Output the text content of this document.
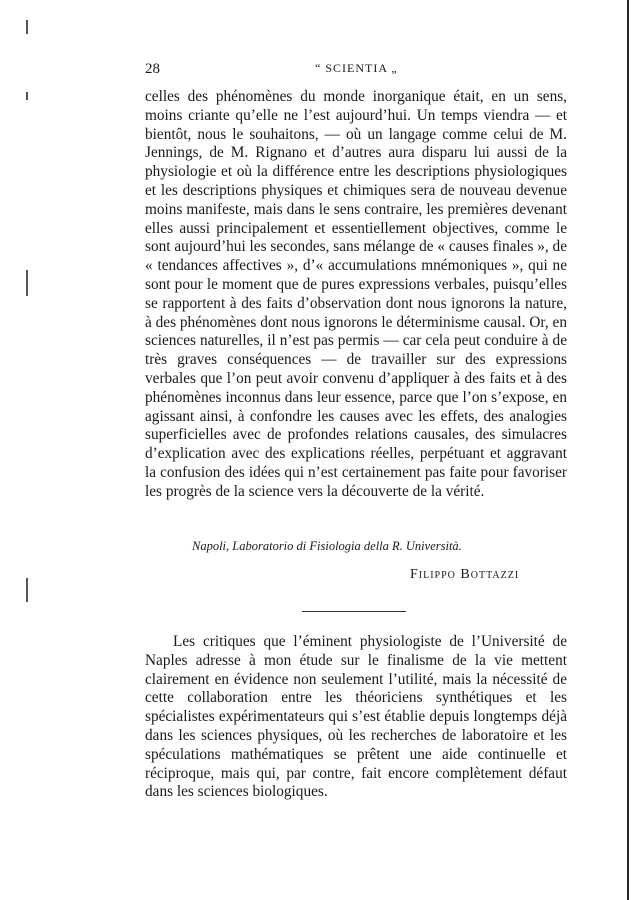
28	“ SCIENTIA „

celles des phénomènes du monde inorganique était, en un sens, moins criante qu’elle ne l’est aujourd’hui. Un temps viendra — et bientôt, nous le souhaitons, — où un langage comme celui de M. Jennings, de M. Rignano et d’autres aura disparu lui aussi de la physiologie et où la différence entre les descriptions physiologiques et les descriptions physiques et chimiques sera de nouveau devenue moins manifeste, mais dans le sens contraire, les premières devenant elles aussi principalement et essentiellement objectives, comme le sont aujourd’hui les secondes, sans mélange de « causes finales », de « tendances affectives », d’« accumulations mnémoniques », qui ne sont pour le moment que de pures expressions verbales, puisqu’elles se rapportent à des faits d’observation dont nous ignorons la nature, à des phénomènes dont nous ignorons le déterminisme causal. Or, en sciences naturelles, il n’est pas permis — car cela peut conduire à de très graves conséquences — de travailler sur des expressions verbales que l’on peut avoir convenu d’appliquer à des faits et à des phénomènes inconnus dans leur essence, parce que l’on s’expose, en agissant ainsi, à confondre les causes avec les effets, des analogies superficielles avec de profondes relations causales, des simulacres d’explication avec des explications réelles, perpétuant et aggravant la confusion des idées qui n’est certainement pas faite pour favoriser les progrès de la science vers la découverte de la vérité.

Napoli, Laboratorio di Fisiologia della R. Università.
Filippo Bottazzi

Les critiques que l’éminent physiologiste de l’Université de Naples adresse à mon étude sur le finalisme de la vie mettent clairement en évidence non seulement l’utilité, mais la nécessité de cette collaboration entre les théoriciens synthétiques et les spécialistes expérimentateurs qui s’est établie depuis longtemps déjà dans les sciences physiques, où les recherches de laboratoire et les spéculations mathématiques se prêtent une aide continuelle et réciproque, mais qui, par contre, fait encore complètement défaut dans les sciences biologiques.
